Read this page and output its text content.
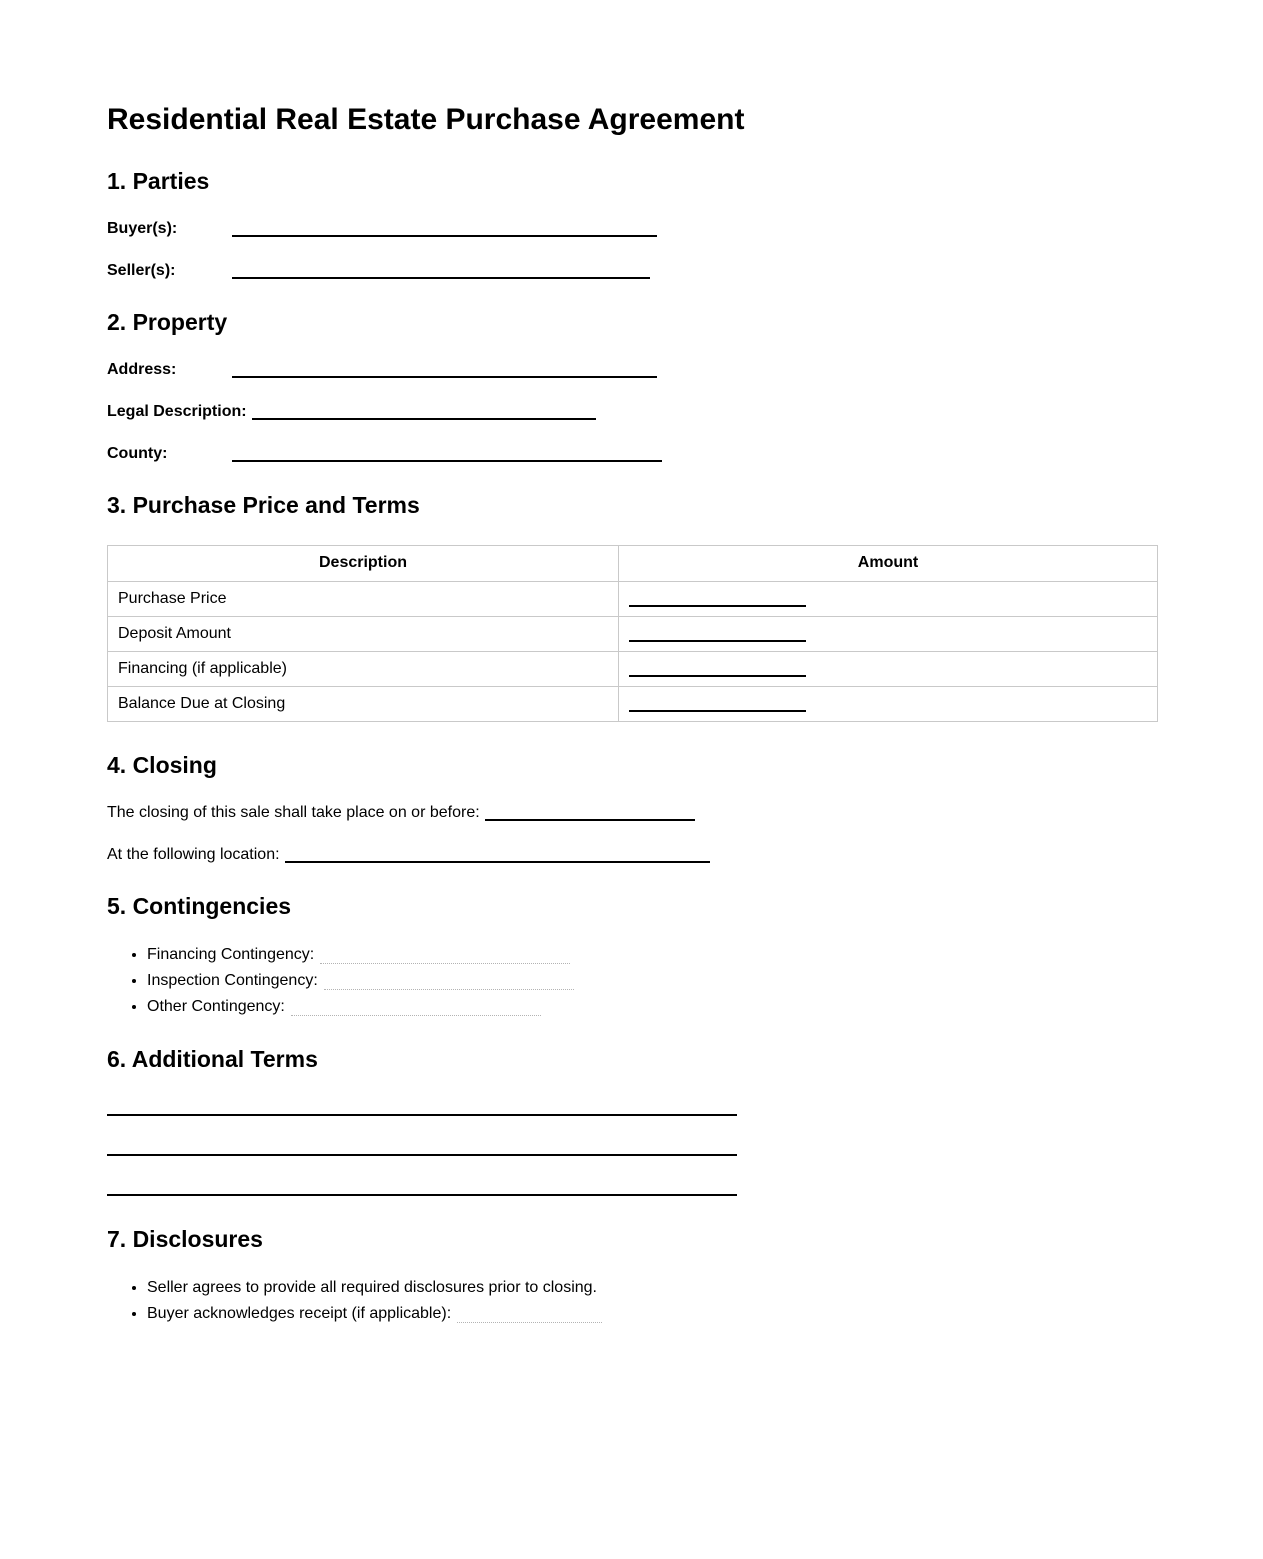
Residential Real Estate Purchase Agreement
1. Parties

Buyer(s):

Seller(s):

2. Property

Address:

Legal Description:

County:

3. Purchase Price and Terms
Description	Amount
Purchase Price	
Deposit Amount	
Financing (if applicable)	
Balance Due at Closing	
4. Closing

The closing of this sale shall take place on or before:

At the following location:

5. Contingencies
• Financing Contingency:
• Inspection Contingency:
• Other Contingency:
6. Additional Terms
7. Disclosures
• Seller agrees to provide all required disclosures prior to closing.
• Buyer acknowledges receipt (if applicable):
